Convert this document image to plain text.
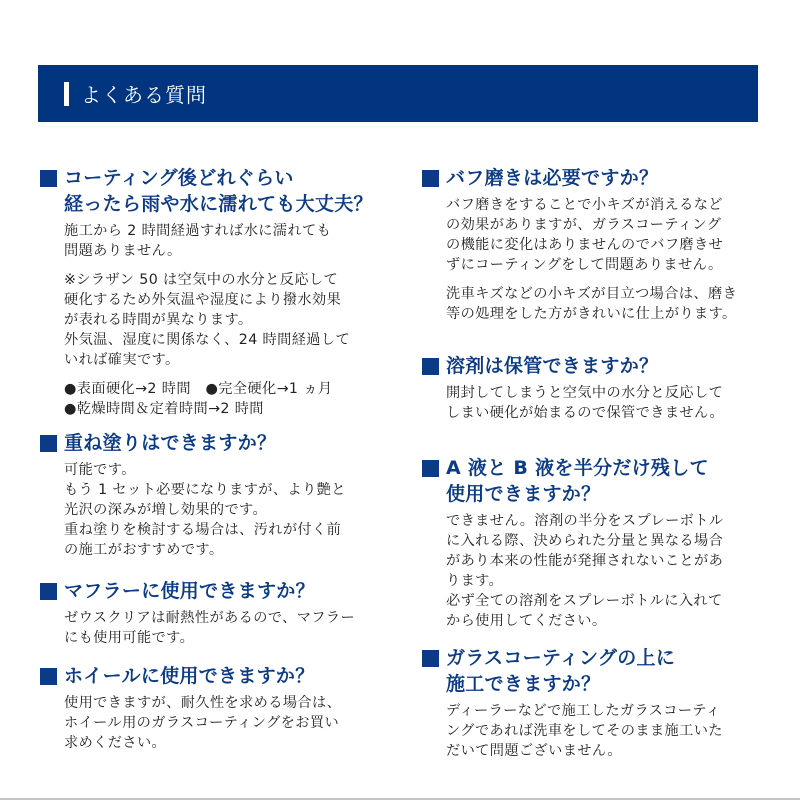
よくある質問
コーティング後どれぐらい
経ったら雨や水に濡れても大丈夫？

施工から 2 時間経過すれば水に濡れても
問題ありません。

※シラザン 50 は空気中の水分と反応して
硬化するため外気温や湿度により撥水効果
が表れる時間が異なります。
外気温、湿度に関係なく、24 時間経過して
いれば確実です。

●表面硬化→2 時間　●完全硬化→1 ヵ月
●乾燥時間＆定着時間→2 時間

重ね塗りはできますか？

可能です。
もう 1 セット必要になりますが、より艶と
光沢の深みが増し効果的です。
重ね塗りを検討する場合は、汚れが付く前
の施工がおすすめです。

マフラーに使用できますか？

ゼウスクリアは耐熱性があるので、マフラー
にも使用可能です。

ホイールに使用できますか？

使用できますが、耐久性を求める場合は、
ホイール用のガラスコーティングをお買い
求めください。

バフ磨きは必要ですか？

バフ磨きをすることで小キズが消えるなど
の効果がありますが、ガラスコーティング
の機能に変化はありませんのでバフ磨きせ
ずにコーティングをして問題ありません。

洗車キズなどの小キズが目立つ場合は、磨き
等の処理をした方がきれいに仕上がります。

溶剤は保管できますか？

開封してしまうと空気中の水分と反応して
しまい硬化が始まるので保管できません。

A 液と B 液を半分だけ残して
使用できますか？

できません。溶剤の半分をスプレーボトル
に入れる際、決められた分量と異なる場合
があり本来の性能が発揮されないことがあ
ります。
必ず全ての溶剤をスプレーボトルに入れて
から使用してください。

ガラスコーティングの上に
施工できますか？

ディーラーなどで施工したガラスコーティ
ングであれば洗車をしてそのまま施工いた
だいて問題ございません。
